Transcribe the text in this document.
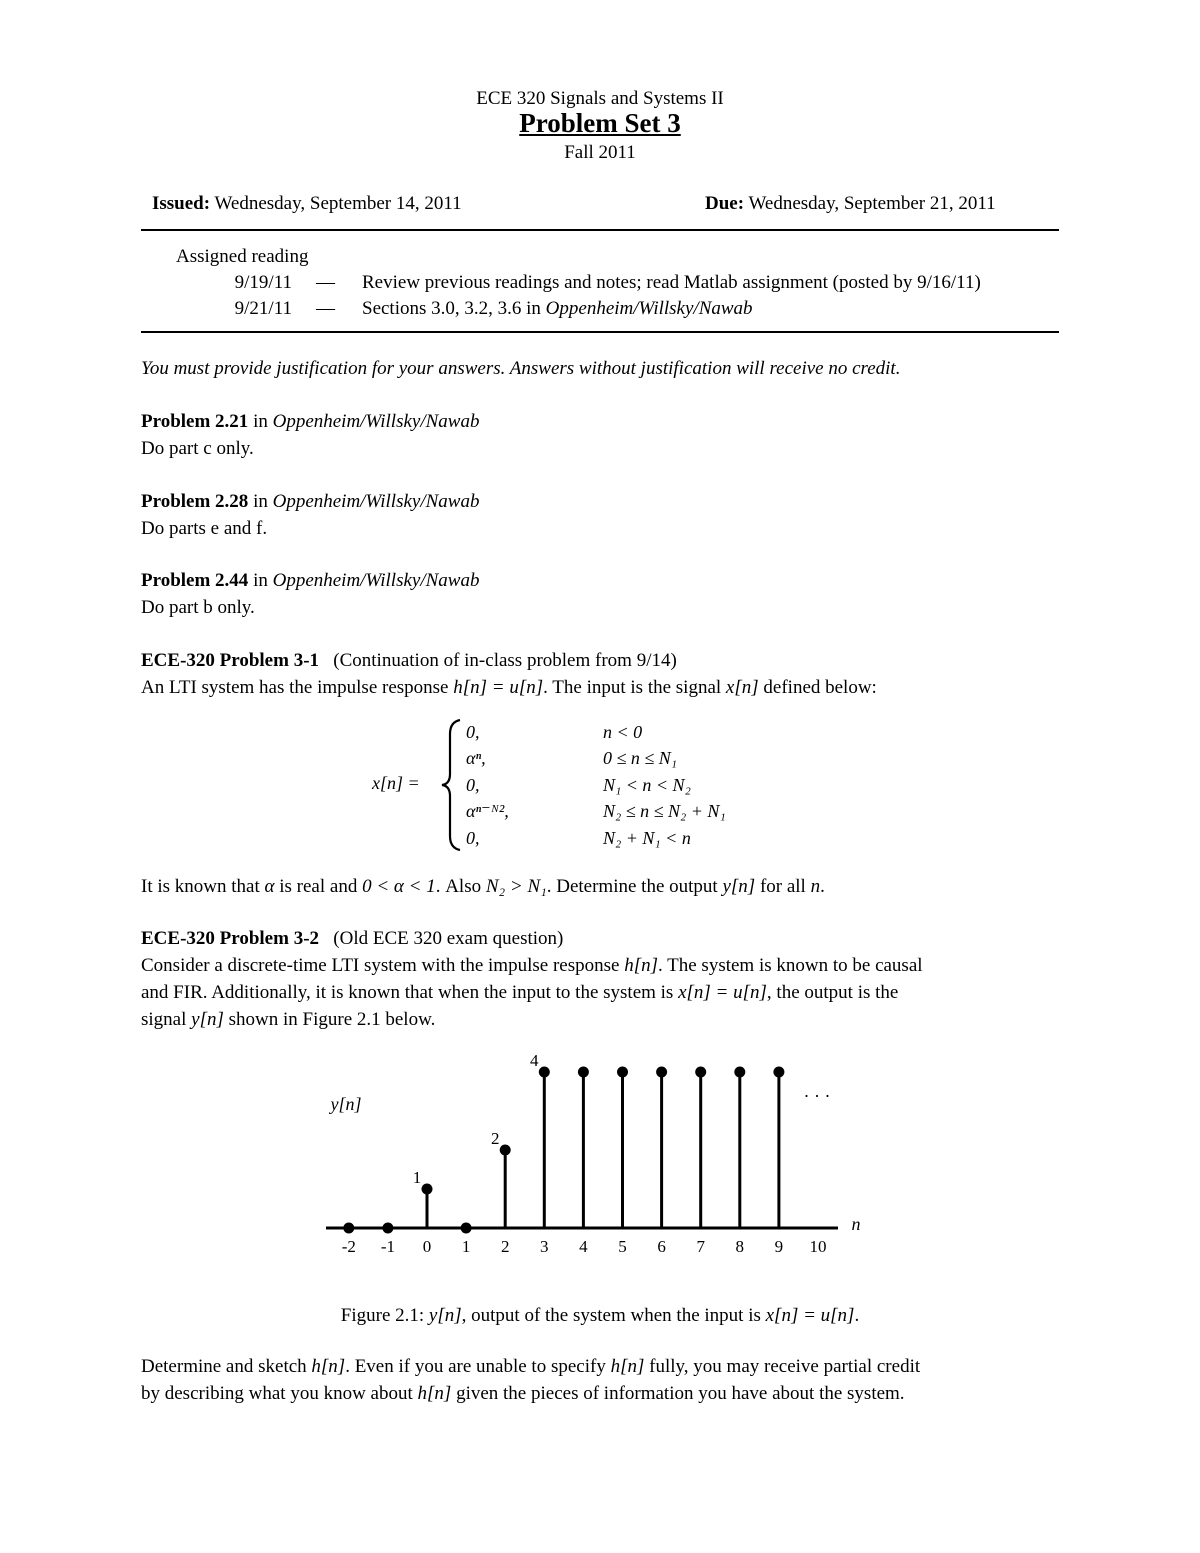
ECE 320 Signals and Systems II
Problem Set 3
Fall 2011
Issued: Wednesday, September 14, 2011	Due: Wednesday, September 21, 2011
Assigned reading
9/19/11 — Review previous readings and notes; read Matlab assignment (posted by 9/16/11)
9/21/11 — Sections 3.0, 3.2, 3.6 in Oppenheim/Willsky/Nawab
You must provide justification for your answers. Answers without justification will receive no credit.
Problem 2.21 in Oppenheim/Willsky/Nawab
Do part c only.
Problem 2.28 in Oppenheim/Willsky/Nawab
Do parts e and f.
Problem 2.44 in Oppenheim/Willsky/Nawab
Do part b only.
ECE-320 Problem 3-1 (Continuation of in-class problem from 9/14)
An LTI system has the impulse response h[n] = u[n]. The input is the signal x[n] defined below:
x[n] =
0,	n < 0
αⁿ,	0 ≤ n ≤ N₁
0,	N₁ < n < N₂
αⁿ⁻ᴺ²,	N₂ ≤ n ≤ N₂ + N₁
0,	N₂ + N₁ < n
It is known that α is real and 0 < α < 1. Also N₂ > N₁. Determine the output y[n] for all n.
ECE-320 Problem 3-2 (Old ECE 320 exam question)
Consider a discrete-time LTI system with the impulse response h[n]. The system is known to be causal
and FIR. Additionally, it is known that when the input to the system is x[n] = u[n], the output is the
signal y[n] shown in Figure 2.1 below.
-2 -1 0 1 2 3 4 5 6 7 8 9 10
1
2
4
y[n]
n
· · ·
Figure 2.1: y[n], output of the system when the input is x[n] = u[n].
Determine and sketch h[n]. Even if you are unable to specify h[n] fully, you may receive partial credit
by describing what you know about h[n] given the pieces of information you have about the system.
